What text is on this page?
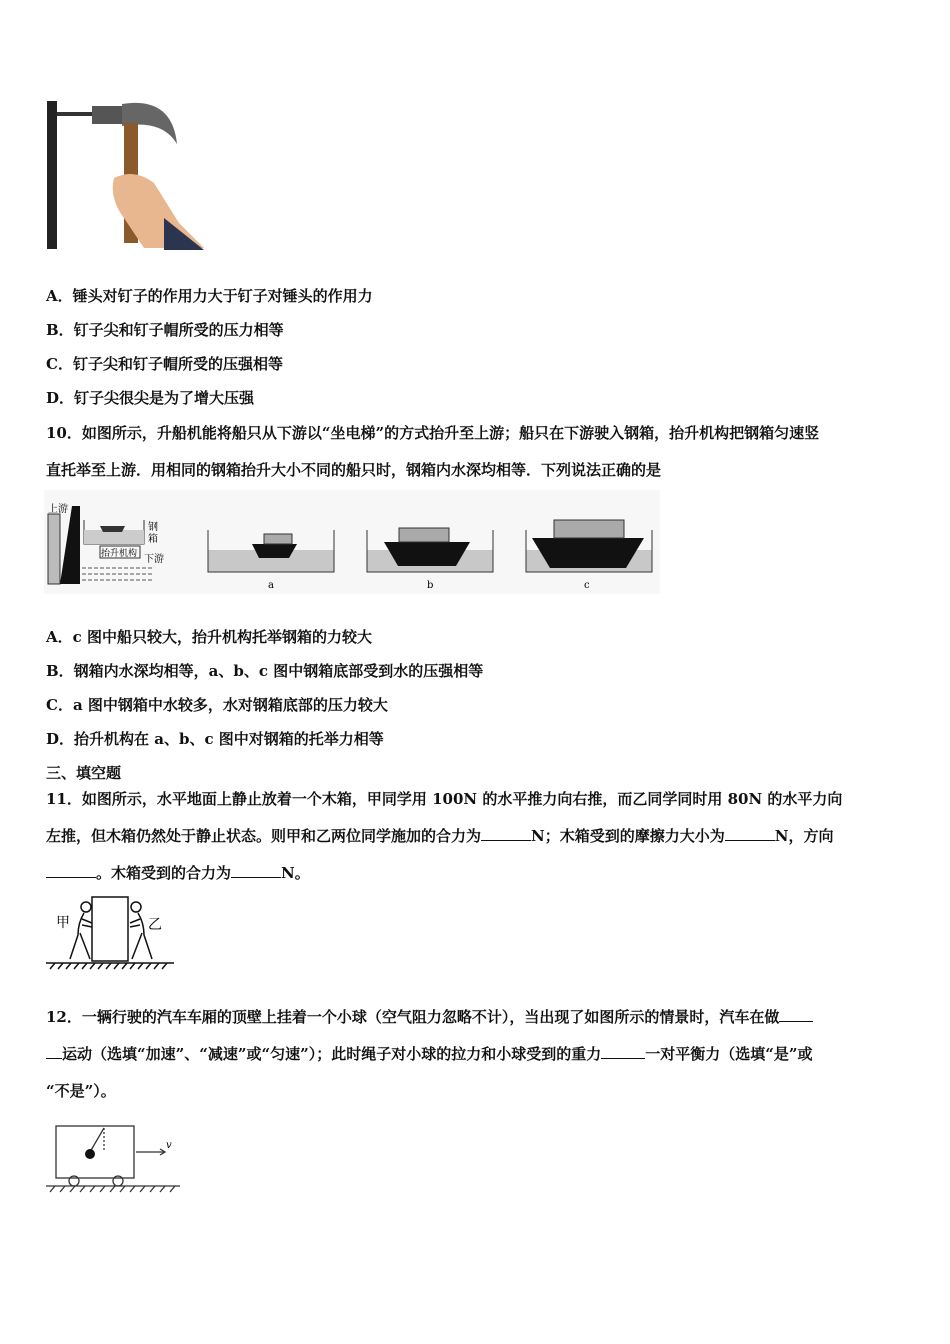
A．锤头对钉子的作用力大于钉子对锤头的作用力
B．钉子尖和钉子帽所受的压力相等
C．钉子尖和钉子帽所受的压强相等
D．钉子尖很尖是为了增大压强
10．如图所示，升船机能将船只从下游以“坐电梯”的方式抬升至上游；船只在下游驶入钢箱，抬升机构把钢箱匀速竖
直托举至上游．用相同的钢箱抬升大小不同的船只时，钢箱内水深均相等．下列说法正确的是
上游
钢
箱
抬升机构 下游
a	b	c
A．c 图中船只较大，抬升机构托举钢箱的力较大
B．钢箱内水深均相等，a、b、c 图中钢箱底部受到水的压强相等
C．a 图中钢箱中水较多，水对钢箱底部的压力较大
D．抬升机构在 a、b、c 图中对钢箱的托举力相等
三、填空题
11．如图所示，水平地面上静止放着一个木箱，甲同学用 100N 的水平推力向右推，而乙同学同时用 80N 的水平力向
左推，但木箱仍然处于静止状态。则甲和乙两位同学施加的合力为	N；木箱受到的摩擦力大小为	N，方向
。木箱受到的合力为	N。
甲	乙
12．一辆行驶的汽车车厢的顶壁上挂着一个小球（空气阻力忽略不计），当出现了如图所示的情景时，汽车在做
运动（选填“加速”、“减速”或“匀速”）；此时绳子对小球的拉力和小球受到的重力	一对平衡力（选填“是”或
“不是”）。
v
